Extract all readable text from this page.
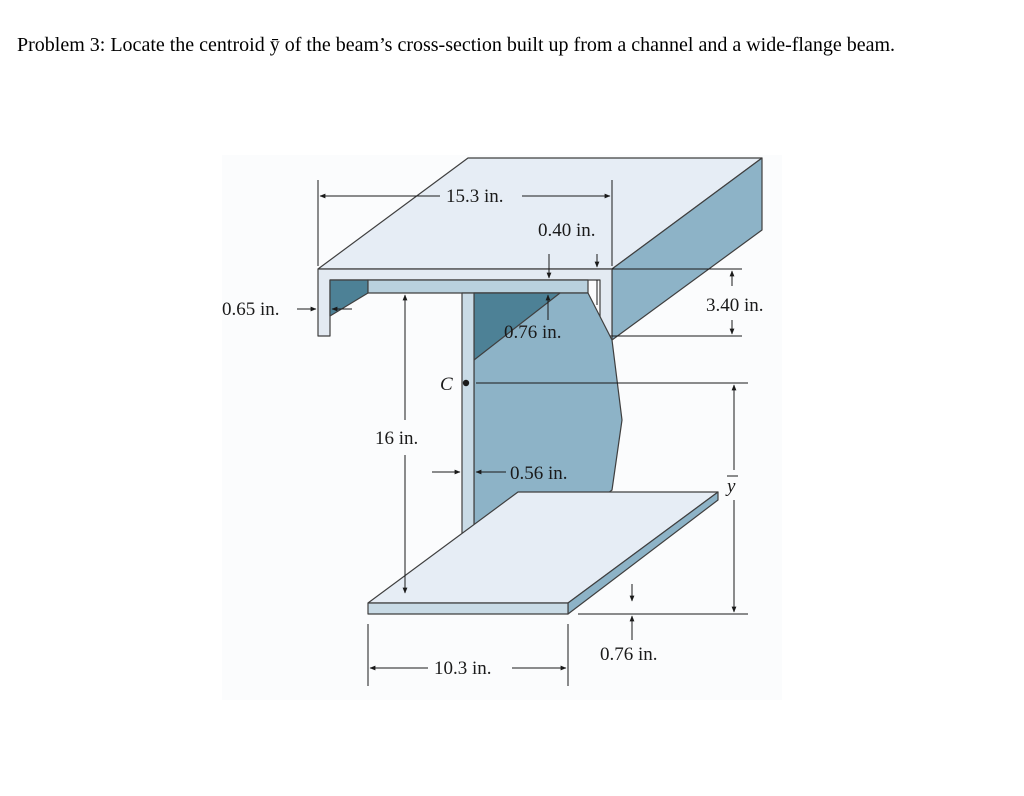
Problem 3: Locate the centroid ȳ of the beam’s cross-section built up from a channel and a wide-flange beam.
C
15.3 in.
0.40 in.
0.65 in.	3.40 in.
0.76 in.
16 in.
0.56 in.
y
0.76 in.
10.3 in.
